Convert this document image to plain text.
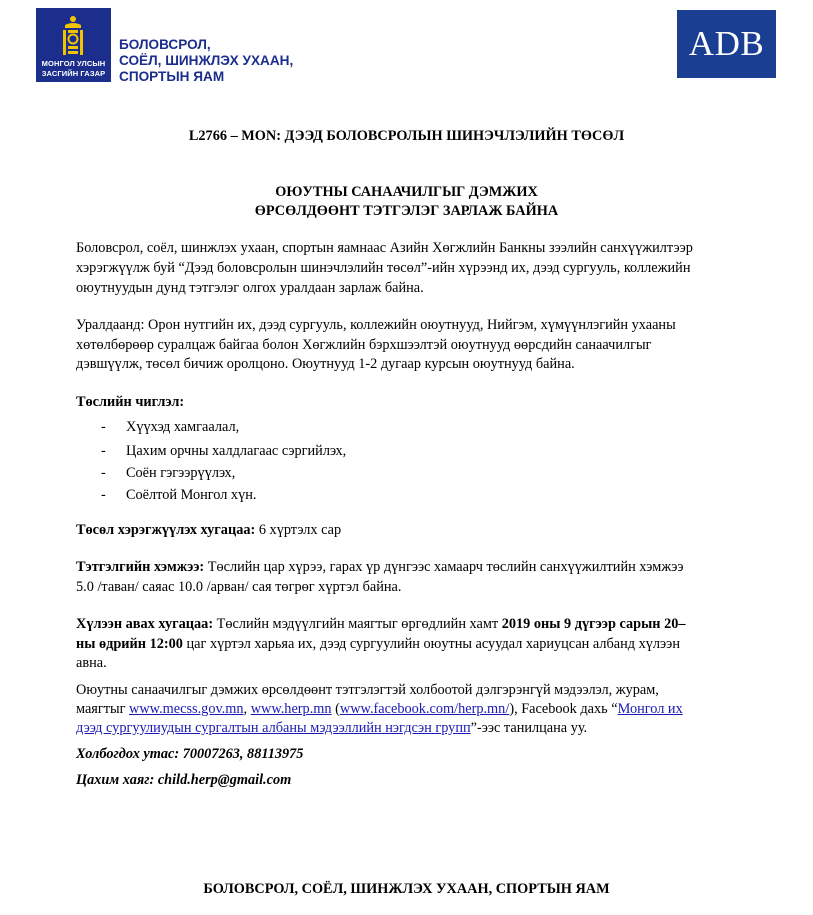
МОНГОЛ УЛСЫН
ЗАСГИЙН ГАЗАР
БОЛОВСРОЛ,
СОЁЛ, ШИНЖЛЭХ УХААН,
СПОРТЫН ЯАМ
ADB
L2766 – MON: ДЭЭД БОЛОВСРОЛЫН ШИНЭЧЛЭЛИЙН ТӨСӨЛ
ОЮУТНЫ САНААЧИЛГЫГ ДЭМЖИХ
ӨРСӨЛДӨӨНТ ТЭТГЭЛЭГ ЗАРЛАЖ БАЙНА
Боловсрол, соёл, шинжлэх ухаан, спортын яамнаас Азийн Хөгжлийн Банкны зээлийн санхүүжилтээр
хэрэгжүүлж буй “Дээд боловсролын шинэчлэлийн төсөл”-ийн хүрээнд их, дээд сургууль, коллежийн
оюутнуудын дунд тэтгэлэг олгох уралдаан зарлаж байна.
Уралдаанд: Орон нутгийн их, дээд сургууль, коллежийн оюутнууд, Нийгэм, хүмүүнлэгийн ухааны
хөтөлбөрөөр суралцаж байгаа болон Хөгжлийн бэрхшээлтэй оюутнууд өөрсдийн санаачилгыг
дэвшүүлж, төсөл бичиж оролцоно. Оюутнууд 1-2 дугаар курсын оюутнууд байна.
Төслийн чиглэл:
- Хүүхэд хамгаалал,
- Цахим орчны халдлагаас сэргийлэх,
- Соён гэгээрүүлэх,
- Соёлтой Монгол хүн.
Төсөл хэрэгжүүлэх хугацаа: 6 хүртэлх сар
Тэтгэлгийн хэмжээ: Төслийн цар хүрээ, гарах үр дүнгээс хамаарч төслийн санхүүжилтийн хэмжээ
5.0 /таван/ саяас 10.0 /арван/ сая төгрөг хүртэл байна.
Хүлээн авах хугацаа: Төслийн мэдүүлгийн маягтыг өргөдлийн хамт 2019 оны 9 дүгээр сарын 20–
ны өдрийн 12:00 цаг хүртэл харьяа их, дээд сургуулийн оюутны асуудал хариуцсан албанд хүлээн
авна.
Оюутны санаачилгыг дэмжих өрсөлдөөнт тэтгэлэгтэй холбоотой дэлгэрэнгүй мэдээлэл, журам,
маягтыг www.mecss.gov.mn, www.herp.mn (www.facebook.com/herp.mn/), Facebook дахь “Монгол их
дээд сургуулиудын сургалтын албаны мэдээллийн нэгдсэн групп”-ээс танилцана уу.
Холбогдох утас: 70007263, 88113975
Цахим хаяг: child.herp@gmail.com
БОЛОВСРОЛ, СОЁЛ, ШИНЖЛЭХ УХААН, СПОРТЫН ЯАМ
